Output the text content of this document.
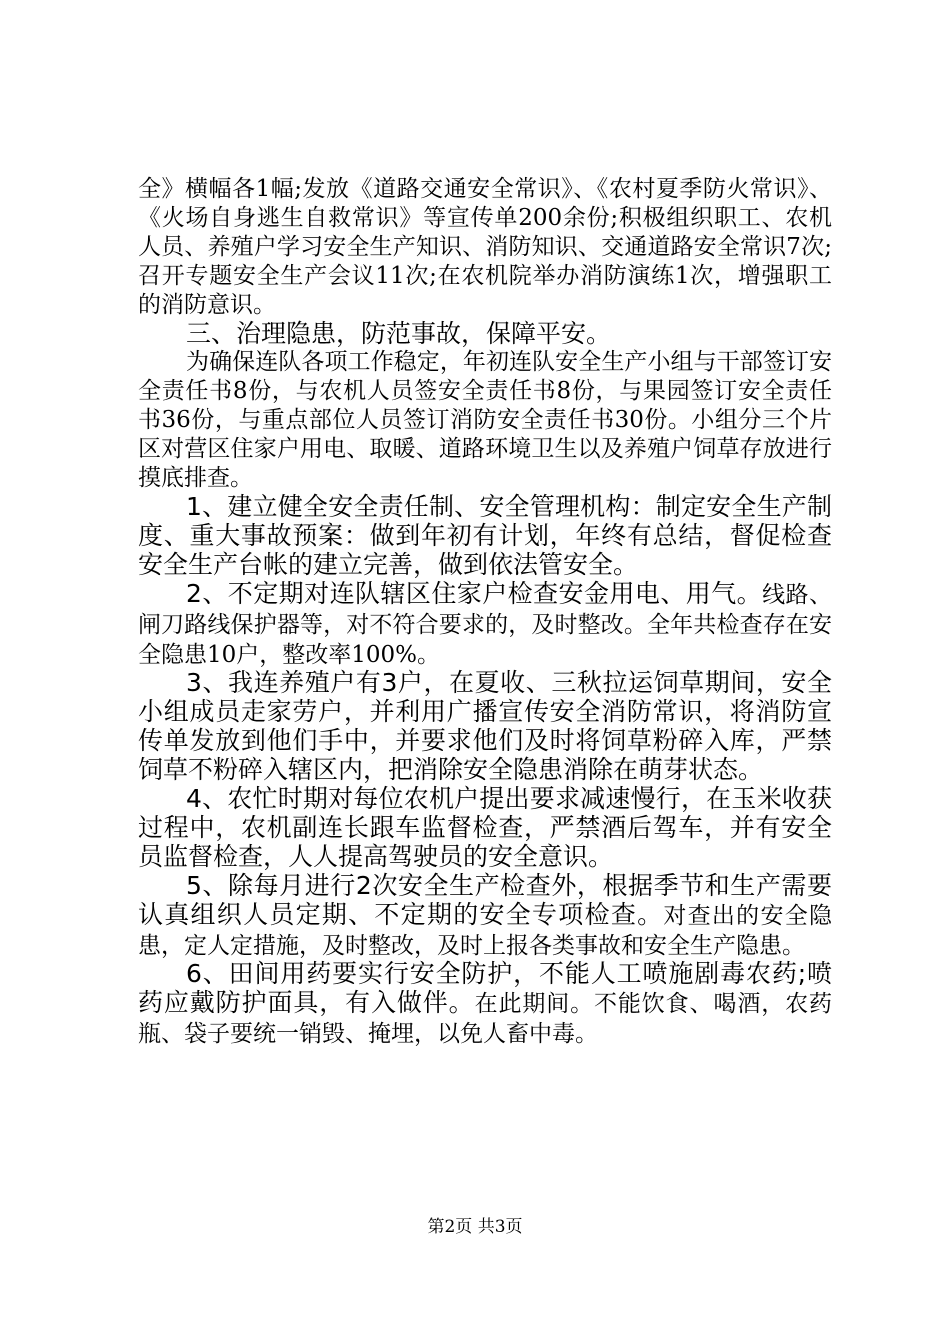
全》横幅各1幅;发放《道路交通安全常识》、《农村夏季防火常识》、《火场自身逃生自救常识》等宣传单200余份;积极组织职工、农机人员、养殖户学习安全生产知识、消防知识、交通道路安全常识7次;召开专题安全生产会议11次;在农机院举办消防演练1次，增强职工的消防意识。

三、治理隐患，防范事故，保障平安。

为确保连队各项工作稳定，年初连队安全生产小组与干部签订安全责任书8份，与农机人员签安全责任书8份，与果园签订安全责任书36份，与重点部位人员签订消防安全责任书30份。小组分三个片区对营区住家户用电、取暖、道路环境卫生以及养殖户饲草存放进行摸底排查。

1、建立健全安全责任制、安全管理机构：制定安全生产制度、重大事故预案：做到年初有计划，年终有总结，督促检查安全生产台帐的建立完善，做到依法管安全。

2、不定期对连队辖区住家户检查安金用电、用气。线路、闸刀路线保护器等，对不符合要求的，及时整改。全年共检查存在安全隐患10户，整改率100%。

3、我连养殖户有3户，在夏收、三秋拉运饲草期间，安全小组成员走家劳户，并利用广播宣传安全消防常识，将消防宣传单发放到他们手中，并要求他们及时将饲草粉碎入库，严禁饲草不粉碎入辖区内，把消除安全隐患消除在萌芽状态。

4、农忙时期对每位农机户提出要求减速慢行，在玉米收获过程中，农机副连长跟车监督检查，严禁酒后驾车，并有安全员监督检查，人人提高驾驶员的安全意识。

5、除每月进行2次安全生产检查外，根据季节和生产需要认真组织人员定期、不定期的安全专项检查。对查出的安全隐患，定人定措施，及时整改，及时上报各类事故和安全生产隐患。

6、田间用药要实行安全防护，不能人工喷施剧毒农药;喷药应戴防护面具，有入做伴。在此期间。不能饮食、喝酒，农药瓶、袋子要统一销毁、掩埋，以免人畜中毒。

第2页 共3页
